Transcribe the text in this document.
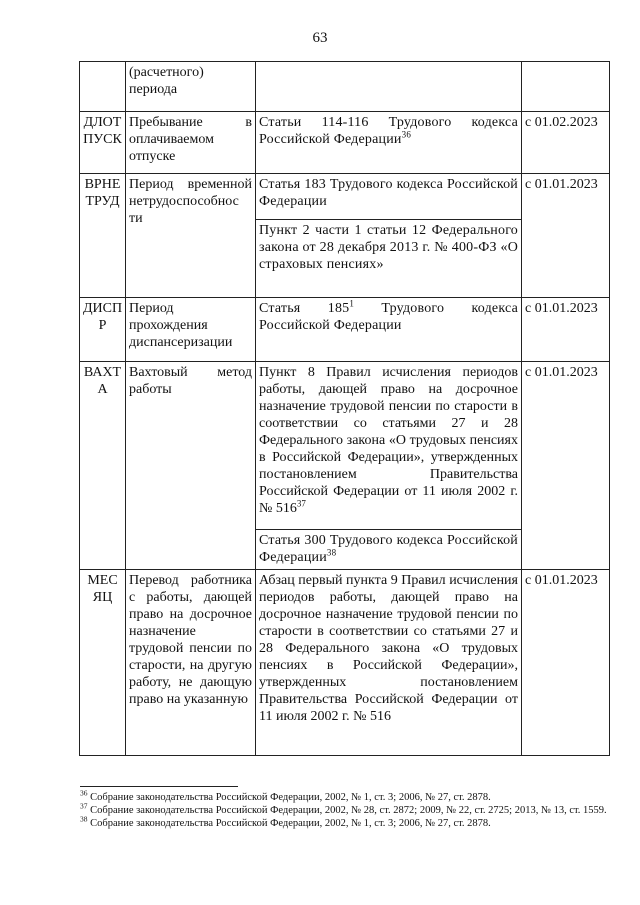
63
	(расчетного) периода		
ДЛОТ ПУСК	Пребывание в оплачиваемом отпуске	Статьи 114-116 Трудового кодекса Российской Федерации$^{36}$	с 01.02.2023
ВРНЕ ТРУД	Период временной нетрудоспособнос ти	Статья 183 Трудового кодекса Российской Федерации	с 01.01.2023
		Пункт 2 части 1 статьи 12 Федерального закона от 28 декабря 2013 г. № 400-ФЗ «О страховых пенсиях»	
ДИСП Р	Период прохождения диспансеризации	Статья $185^1$ Трудового кодекса Российской Федерации	с 01.01.2023
ВАХТ А	Вахтовый метод работы	Пункт 8 Правил исчисления периодов работы, дающей право на досрочное назначение трудовой пенсии по старости в соответствии со статьями 27 и 28 Федерального закона «О трудовых пенсиях в Российской Федерации», утвержденных постановлением Правительства Российской Федерации от 11 июля 2002 г. № $516^{37}$	с 01.01.2023
		Статья 300 Трудового кодекса Российской Федерации$^{38}$
МЕС ЯЦ	Перевод работника с работы, дающей право на досрочное назначение трудовой пенсии по старости, на другую работу, не дающую право на указанную	Абзац первый пункта 9 Правил исчисления периодов работы, дающей право на досрочное назначение трудовой пенсии по старости в соответствии со статьями 27 и 28 Федерального закона «О трудовых пенсиях в Российской Федерации», утвержденных постановлением Правительства Российской Федерации от 11 июля 2002 г. № 516	с 01.01.2023

$^{36}$ Собрание законодательства Российской Федерации, 2002, № 1, ст. 3; 2006, № 27, ст. 2878.

$^{37}$ Собрание законодательства Российской Федерации, 2002, № 28, ст. 2872; 2009, № 22, ст. 2725; 2013, № 13, ст. 1559.

$^{38}$ Собрание законодательства Российской Федерации, 2002, № 1, ст. 3; 2006, № 27, ст. 2878.
